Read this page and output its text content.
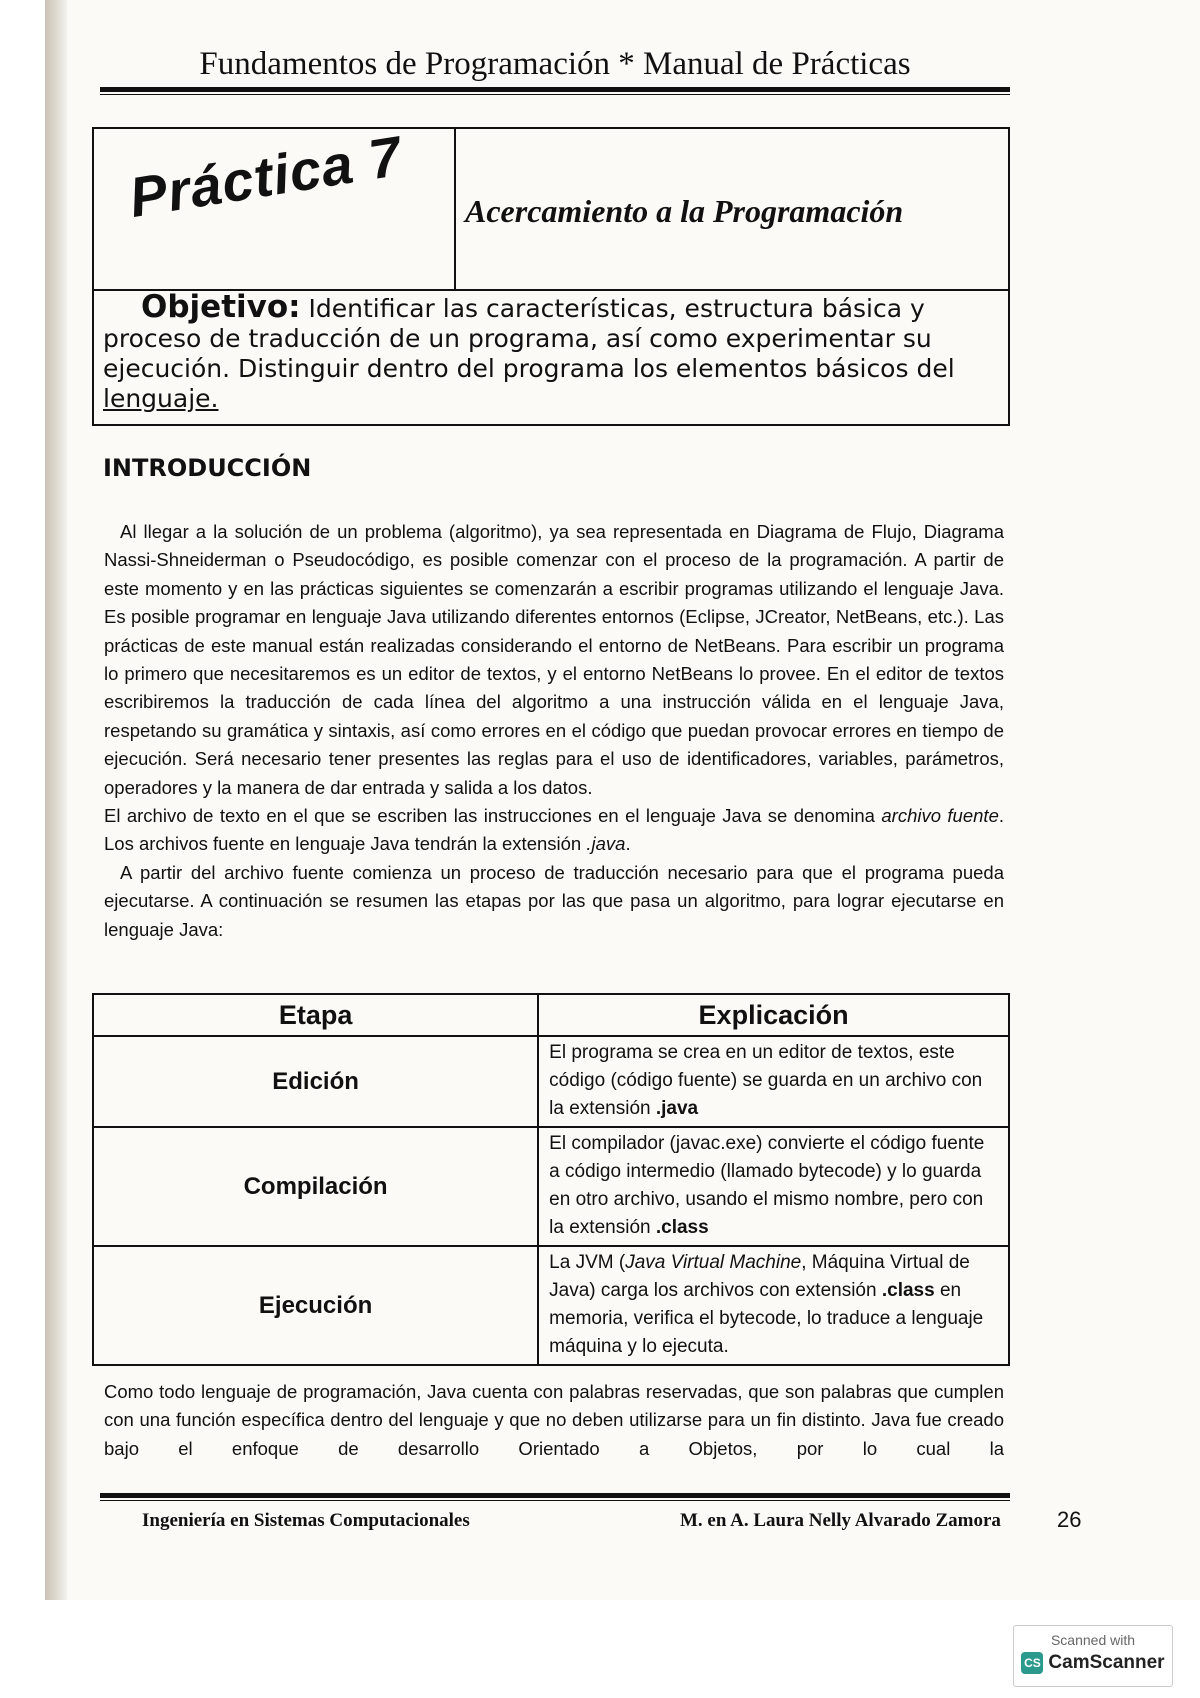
Fundamentos de Programación * Manual de Prácticas
Práctica 7 Acercamiento a la Programación
Objetivo: Identificar las características, estructura básica y
proceso de traducción de un programa, así como experimentar su
ejecución. Distinguir dentro del programa los elementos básicos del
lenguaje.
INTRODUCCIÓN

Al llegar a la solución de un problema (algoritmo), ya sea representada en Diagrama de Flujo, Diagrama Nassi-Shneiderman o Pseudocódigo, es posible comenzar con el proceso de la programación. A partir de este momento y en las prácticas siguientes se comenzarán a escribir programas utilizando el lenguaje Java. Es posible programar en lenguaje Java utilizando diferentes entornos (Eclipse, JCreator, NetBeans, etc.). Las prácticas de este manual están realizadas considerando el entorno de NetBeans. Para escribir un programa lo primero que necesitaremos es un editor de textos, y el entorno NetBeans lo provee. En el editor de textos escribiremos la traducción de cada línea del algoritmo a una instrucción válida en el lenguaje Java, respetando su gramática y sintaxis, así como errores en el código que puedan provocar errores en tiempo de ejecución. Será necesario tener presentes las reglas para el uso de identificadores, variables, parámetros, operadores y la manera de dar entrada y salida a los datos.

El archivo de texto en el que se escriben las instrucciones en el lenguaje Java se denomina archivo fuente. Los archivos fuente en lenguaje Java tendrán la extensión .java.

A partir del archivo fuente comienza un proceso de traducción necesario para que el programa pueda ejecutarse. A continuación se resumen las etapas por las que pasa un algoritmo, para lograr ejecutarse en lenguaje Java:

Etapa	Explicación
Edición	El programa se crea en un editor de textos, este código (código fuente) se guarda en un archivo con la extensión .java
Compilación	El compilador (javac.exe) convierte el código fuente a código intermedio (llamado bytecode) y lo guarda en otro archivo, usando el mismo nombre, pero con la extensión .class
Ejecución	La JVM (Java Virtual Machine, Máquina Virtual de Java) carga los archivos con extensión .class en memoria, verifica el bytecode, lo traduce a lenguaje máquina y lo ejecuta.

Como todo lenguaje de programación, Java cuenta con palabras reservadas, que son palabras que cumplen con una función específica dentro del lenguaje y que no deben utilizarse para un fin distinto. Java fue creado bajo el enfoque de desarrollo Orientado a Objetos, por lo cual la

Ingeniería en Sistemas Computacionales	M. en A. Laura Nelly Alvarado Zamora	26
Scanned with
CS CamScanner
